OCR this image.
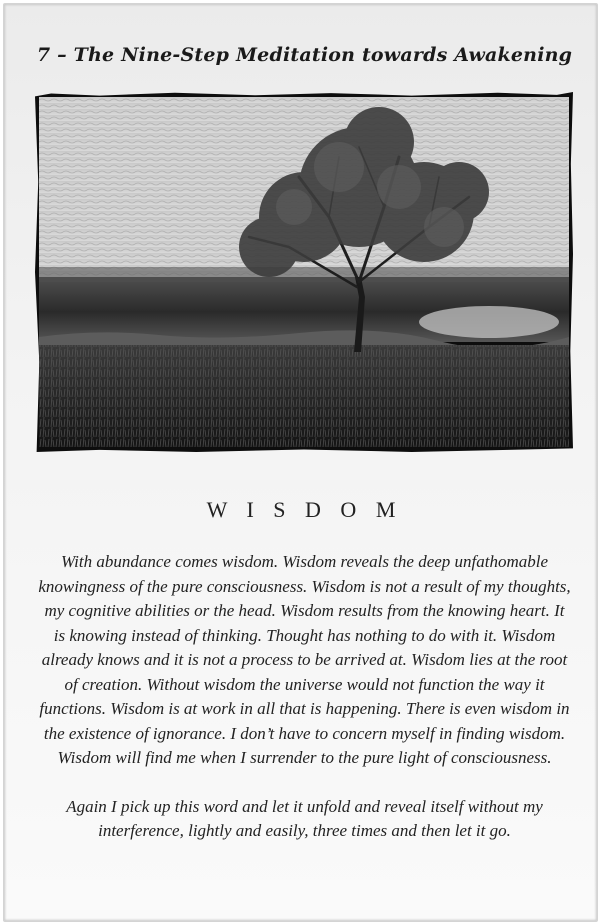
7 – The Nine-Step Meditation towards Awakening
W I S D O M

With abundance comes wisdom. Wisdom reveals the deep unfathomable knowingness of the pure consciousness. Wisdom is not a result of my thoughts, my cognitive abilities or the head. Wisdom results from the knowing heart. It is knowing instead of thinking. Thought has nothing to do with it. Wisdom already knows and it is not a process to be arrived at. Wisdom lies at the root of creation. Without wisdom the universe would not function the way it functions. Wisdom is at work in all that is happening. There is even wisdom in the existence of ignorance. I don’t have to concern myself in finding wisdom. Wisdom will find me when I surrender to the pure light of consciousness.

Again I pick up this word and let it unfold and reveal itself without my interference, lightly and easily, three times and then let it go.
